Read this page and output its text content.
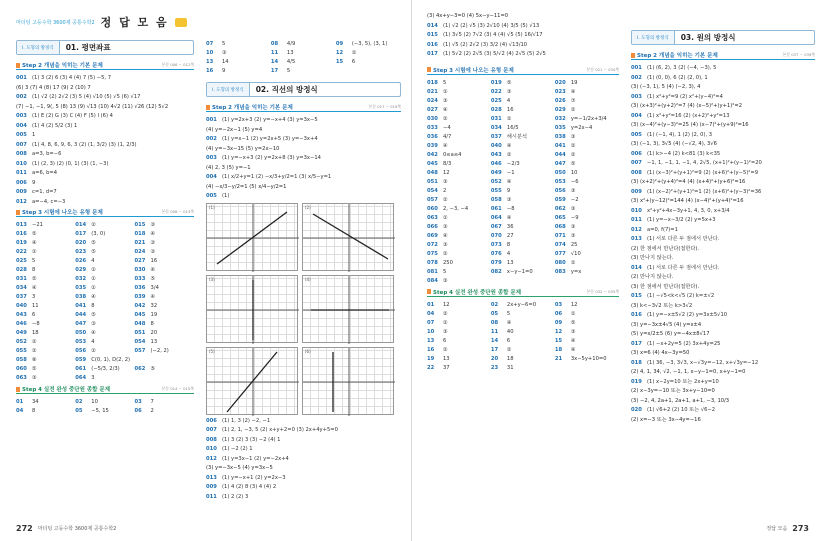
마더텅 고등수학 3600제 공통수학2 정 답 모 음
I. 도형의 방정식	01. 평면좌표
Step 2 개념을 익히는 기본 문제	본문 006 ~ 012쪽
001 (1) 3 (2) 6 (3) 4 (4) 7 (5) −5, 7
(6) 3 (7) 4 (8) 17 (9) 2 (10) 7
002 (1) √2 (2) 2√2 (3) 5 (4) √10 (5) √5 (6) √17
(7) −1, −1, 9(, 5 (8) 13 (9) √13 (10) 4√2 (11) √26 (12) 5√2
003 (1) E (2) G (3) C (4) F (5) I (6) 4
004 (1) 4 (2) 5/2 (3) 1
005 1
007 (1) 4, 8, 6, 9, 6, 3 (2) (1, 3/2) (3) (1, 2/3)
008 a=3, b=−6
010 (1) (2, 3) (2) (0, 1) (3) (1, −3)
011 a=6, b=4
006 9
009 c=1, d=7
012 a=−4, c=−3
Step 3 시험에 나오는 유형 문제	본문 008 ~ 013쪽
013 −21	014 ②	015 ③
016 ⑤	017 (3, 0)	018 ④
019 ④	020 ⑤	021 ③
022 ①	023 ⑤	024 ③
025 5	026 4	027 16
028 8	029 ②	030 ④
031 ⑤	032 ①	033 ⑤
034 ④	035 ①	036 3/4
037 3	038 ④	039 ④
040 11	041 8	042 32
043 6	044 ⑤	045 19
046 −8	047 ③	048 8
049 18	050 ④	051 20
052 ②	053 4	054 13
055 ②	056 ②	057 (−2, 2)
058 ⑧	059 C(0, 1), D(2, 2)
060 ⑤	061 (−5/3, 2/3)	062 ⑤
063 ③	064 3
Step 4 실전 완성 중단원 종합 문제	본문 014 ~ 015쪽
01	34	02	10	03	7
04	8	05	−5, 15	06	2
07	5	08	4/9	09	(−3, 5), (3, 1)
10	③	11	13	12	①
13	14	14	4/5	15	6
16	9	17	5
I. 도형의 방정식	02. 직선의 방정식
Step 2 개념을 익히는 기본 문제	본문 017 ~ 019쪽
001 (1) y=2x+3 (2) y=−x+4 (3) y=3x−5
(4) y=−2x−1 (5) y=4
002 (1) y=x−1 (2) y=2x+5 (3) y=−3x+4
(4) y=−3x−15 (5) y=2x−10
003 (1) y=−x+3 (2) y=2x+8 (3) y=3x−14
(4) 2, 3 (5) y=−1
004 (1) x/2+y=1 (2) −x/3+y/2=1 (3) x/5−y=1
(4) −x/3−y/2=1 (5) x/4−y/2=1
005 (1)
(1)	(2)
(3)	(4)
(5)	(6)
006 (1) 1, 3 (2) −2, −1
007 (1) 2, 1, −3, 5 (2) x+y+2=0 (3) 2x+4y+5=0
008 (1) 3 (2) 3 (3) −2 (4) 1
010 (1) −2 (2) 1
012 (1) y=3x−1 (2) y=−2x+4
(3) y=−3x−5 (4) y=3x−5
013 (1) y=−x+1 (2) y=2x−3
009 (1) 4 (2) 8 (3) 4 (4) 2
011 (1) 2 (2) 3
272 마더텅 고등수학 3600제 공통수학2
(3) 4x+y−3=0 (4) 5x−y−11=0
014 (1) √2 (2) √5 (3) 2√10 (4) 3/5 (5) √13
015 (1) 3√5 (2) 7√2 (3) 4 (4) √5 (5) 16/√17
016 (1) √5 (2) 2√2 (3) 3/2 (4) √13/10
017 (1) 5√2 (2) 2√5 (3) 5/√2 (4) 2√5 (5) 2√5
Step 3 시험에 나오는 유형 문제	본문 021 ~ 034쪽
018 5	019 ⑤	020 19
021 ①	022 ③	023 ④
024 ③	025 4	026 ⑦
027 ④	028 16	029 ②
030 ②	031 ①	032 y=−1/2x+3/4
033 −4	034 16/5	035 y=2x−4
036 4/7	037 해시분석	038 ③
039 ④	040 ④	041 ②
042 0≤a≤4	043 ②	044 ②
045 8/3	046 −2/3	047 ⑤
048 12	049 −1	050 10
051 ③	052 ④	053 −6
054 2	055 9	056 ③
057 ②	058 ③	059 −2
060 2, −3, −4	061 −8	062 ③
063 ①	064 ④	065 −9
066 ③	067 36	068 ③
069 ④	070 27	071 ③
072 ③	073 8	074 25
075 ②	076 4	077 √10
078 250	079 13	080 ①
081 5	082 x−y−1=0	083 y=x
084 ③
Step 4 실전 완성 중단원 종합 문제	본문 032 ~ 035쪽
01	12	02	2x+y−6=0	03	12
04	②	05	5	06	①
07	①	08	④	09	⑤
10	③	11	40	12	③
13	6	14	6	15	④
16	②	17	②	18	④
19	13	20	18	21	3x−5y+10=0
22	37	23	31
I. 도형의 방정식	03. 원의 방정식
Step 2 개념을 익히는 기본 문제	본문 037 ~ 039쪽
001 (1) (6, 2), 3 (2) (−4, −3), 5
002 (1) (0, 0), 6 (2) (2, 0), 1
(3) (−3, 1), 5 (4) (−2, 3), 4
003 (1) x²+y²=9 (2) x²+(y−4)²=4
(3) (x+3)²+(y+2)²=7 (4) (x−5)²+(y+1)²=2
004 (1) x²+y²=16 (2) (x+2)²+y²=13
(3) (x−4)²+(y−3)²=25 (4) (x−7)²+(y+9)²=16
005 (1) (−1, 4), 1 (2) (2, 0), 3
(3) (−1, 3), 3√5 (4) (−√2, 4), 3√6
006 (1) k>−4 (2) k<81 (3) k<35
007 −1, 1, −1, 1, −1, 4, 2√5, (x+1)²+(y−1)²=20
008 (1) (x−3)²+(y+1)²=9 (2) (x+6)²+(y−5)²=9
(3) (x+2)²+(y+4)²=4 (4) (x+4)²+(y+6)²=16
009 (1) (x−2)²+(y+1)²=1 (2) (x+6)²+(y−3)²=36
(3) x²+(y−12)²=144 (4) (x−4)²+(y+4)²=16
010 x²+y²+4x−3y+1, 4, 3, 0, x+3/4
011 (1) y=−x−3/2 (2) y=5x+3
012 a=0, f(7)=1
013 (1) 서로 다른 두 점에서 만난다.
(2) 한 점에서 만난다(접한다).
(3) 만나지 않는다.
014 (1) 서로 다른 두 점에서 만난다.
(2) 만나지 않는다.
(3) 한 점에서 만난다(접한다).
015 (1) −√5<k<√5 (2) k=±√2
(3) k<−3√2 또는 k>3√2
016 (1) y=−x±5√2 (2) y=3x±5√10
(3) y=−3x±4√5 (4) y=x±4
(5) y=x/2±5 (6) y=−4x±8√17
017 (1) −x+2y=5 (2) 3x+4y=25
(3) x=6 (4) 4x−3y=50
018 (1) 36, −3, 3√3, x−√3y=−12, x+√3y=−12
(2) 4, 1, 34, √2, −1, 1, x−y−1=0, x+y−1=0
019 (1) x−2y=10 또는 2x+y=10
(2) x−3y=−10 또는 3x+y−10=0
(3) −2, 4, 2a+1, 2a+1, a+1, −3, 10/3
020 (1) √6+2 (2) 10 또는 √6−2
(2) x=−3 또는 3x−4y=−16
정답 모음 273
